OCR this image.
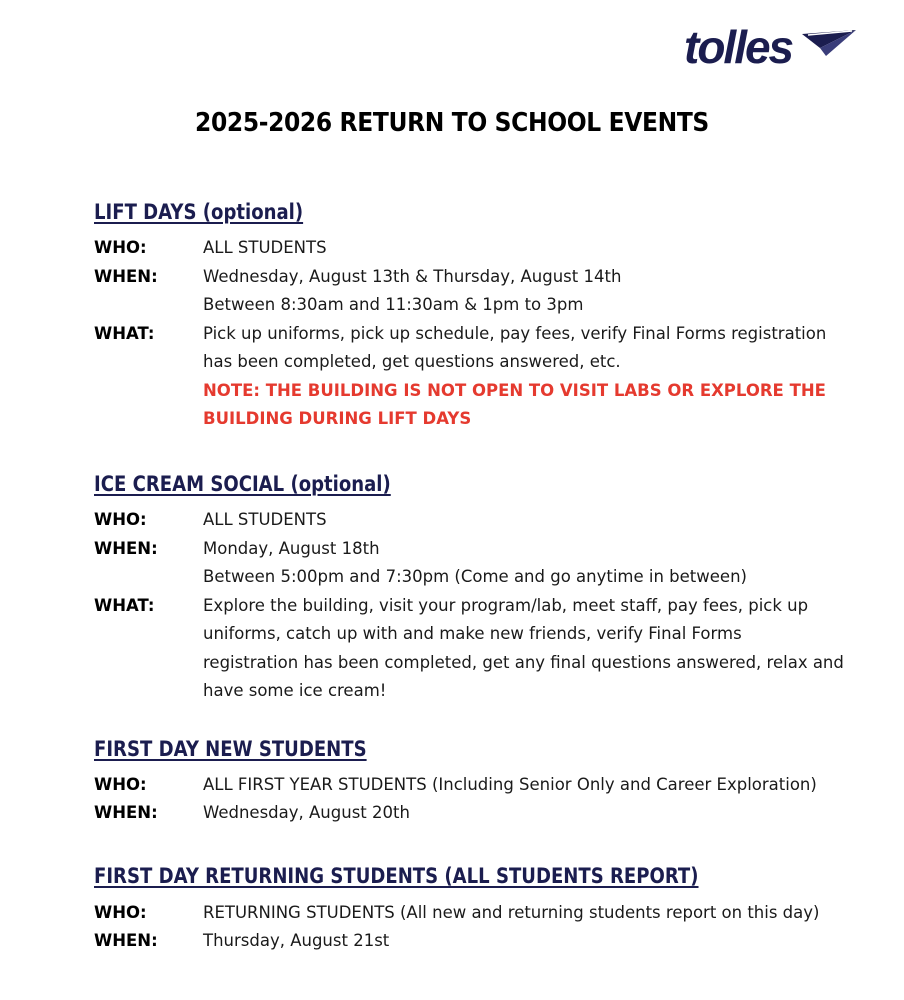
tolles
2025-2026 RETURN TO SCHOOL EVENTS
LIFT DAYS (optional)
WHO:	ALL STUDENTS
WHEN:	Wednesday, August 13th & Thursday, August 14th
Between 8:30am and 11:30am & 1pm to 3pm
WHAT:	Pick up uniforms, pick up schedule, pay fees, verify Final Forms registration
has been completed, get questions answered, etc.
NOTE: THE BUILDING IS NOT OPEN TO VISIT LABS OR EXPLORE THE
BUILDING DURING LIFT DAYS
ICE CREAM SOCIAL (optional)
WHO:	ALL STUDENTS
WHEN:	Monday, August 18th
Between 5:00pm and 7:30pm (Come and go anytime in between)
WHAT:	Explore the building, visit your program/lab, meet staff, pay fees, pick up
uniforms, catch up with and make new friends, verify Final Forms
registration has been completed, get any final questions answered, relax and
have some ice cream!
FIRST DAY NEW STUDENTS
WHO:	ALL FIRST YEAR STUDENTS (Including Senior Only and Career Exploration)
WHEN:	Wednesday, August 20th
FIRST DAY RETURNING STUDENTS (ALL STUDENTS REPORT)
WHO:	RETURNING STUDENTS (All new and returning students report on this day)
WHEN:	Thursday, August 21st
